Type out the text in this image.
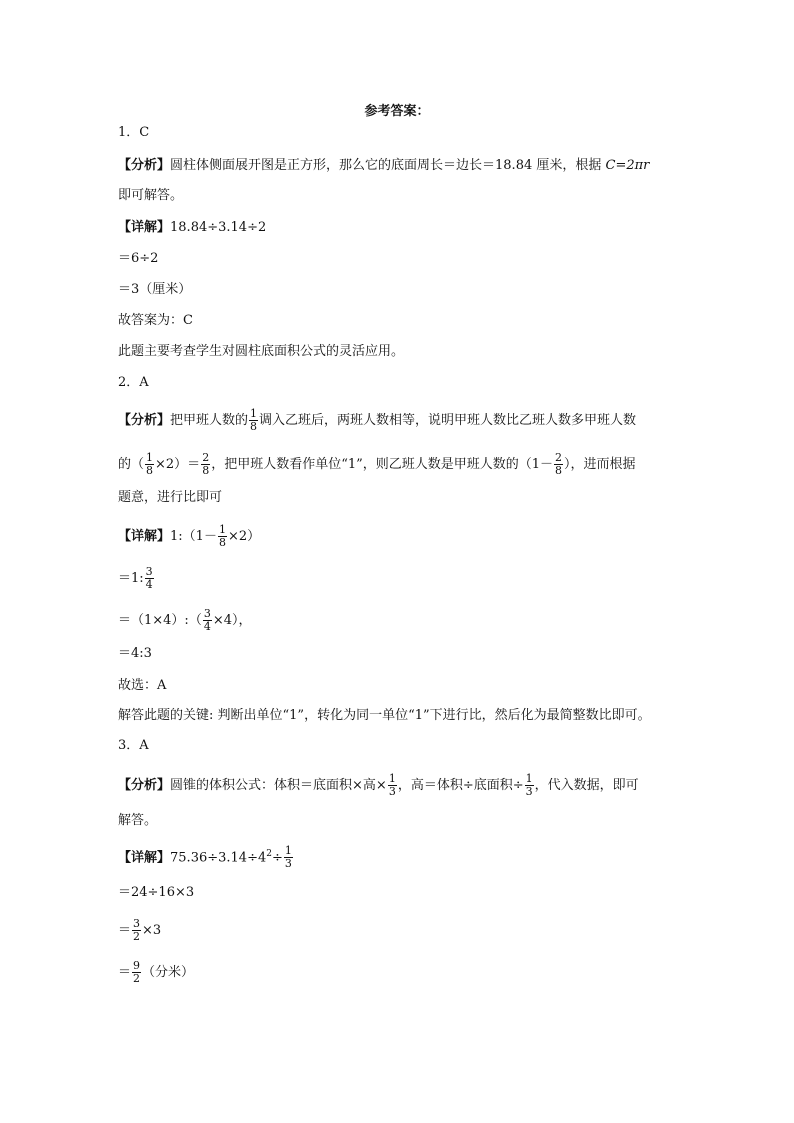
参考答案：
1．C
【分析】圆柱体侧面展开图是正方形，那么它的底面周长＝边长＝18.84 厘米，根据 C=2πr
即可解答。
【详解】18.84÷3.14÷2
＝6÷2
＝3（厘米）
故答案为：C
此题主要考查学生对圆柱底面积公式的灵活应用。
2．A
【分析】把甲班人数的 $\frac{1}{8}$ 调入乙班后，两班人数相等，说明甲班人数比乙班人数多甲班人数
的（ $\frac{1}{8} \times 2)= \frac{2}{8}$ ，把甲班人数看作单位“1”，则乙班人数是甲班人数的（$1- \frac{2}{8}$ ），进而根据
题意，进行比即可
【详解】1:（1－ $\frac{1}{8} \times 2$）
＝1: $\frac{3}{4}$
＝（1×4）:（ $\frac{3}{4} \times 4$），
＝4:3
故选：A
解答此题的关键: 判断出单位“1”，转化为同一单位“1”下进行比，然后化为最简整数比即可。
3．A
【分析】圆锥的体积公式：体积＝底面积×高× $\frac{1}{3}$ ，高＝体积÷底面积÷ $\frac{1}{3}$ ，代入数据，即可
解答。
【详解】$75.36\div 3.14\div 4^2\div \frac{1}{3}$
＝24÷16×3
＝ $\frac{3}{2} \times 3$
＝ $\frac{9}{2}$ （分米）
